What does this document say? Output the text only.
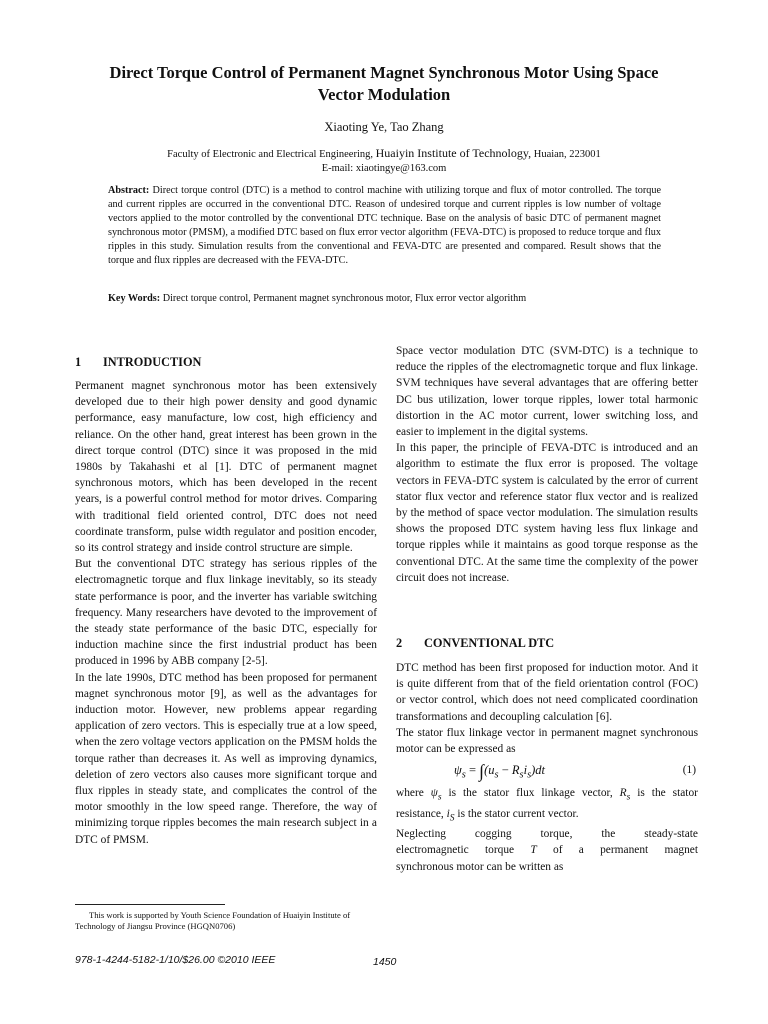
Direct Torque Control of Permanent Magnet Synchronous Motor Using Space
Vector Modulation
Xiaoting Ye, Tao Zhang
Faculty of Electronic and Electrical Engineering, Huaiyin Institute of Technology, Huaian, 223001
E-mail: xiaotingye@163.com
Abstract: Direct torque control (DTC) is a method to control machine with utilizing torque and flux of motor controlled. The torque and current ripples are occurred in the conventional DTC. Reason of undesired torque and current ripples is low number of voltage vectors applied to the motor controlled by the conventional DTC technique. Base on the analysis of basic DTC of permanent magnet synchronous motor (PMSM), a modified DTC based on flux error vector algorithm (FEVA-DTC) is proposed to reduce torque and flux ripples in this study. Simulation results from the conventional and FEVA-DTC are presented and compared. Result shows that the torque and flux ripples are decreased with the FEVA-DTC.
Key Words: Direct torque control, Permanent magnet synchronous motor, Flux error vector algorithm
1 INTRODUCTION

Permanent magnet synchronous motor has been extensively developed due to their high power density and good dynamic performance, easy manufacture, low cost, high efficiency and reliance. On the other hand, great interest has been grown in the direct torque control (DTC) since it was proposed in the mid 1980s by Takahashi et al [1]. DTC of permanent magnet synchronous motors, which has been developed in the recent years, is a powerful control method for motor drives. Comparing with traditional field oriented control, DTC does not need coordinate transform, pulse width regulator and position encoder, so its control strategy and inside control structure are simple.

But the conventional DTC strategy has serious ripples of the electromagnetic torque and flux linkage inevitably, so its steady state performance is poor, and the inverter has variable switching frequency. Many researchers have devoted to the improvement of the steady state performance of the basic DTC, especially for induction machine since the first industrial product has been produced in 1996 by ABB company [2-5].

In the late 1990s, DTC method has been proposed for permanent magnet synchronous motor [9], as well as the advantages for induction motor. However, new problems appear regarding application of zero vectors. This is especially true at a low speed, when the zero voltage vectors application on the PMSM holds the torque rather than decreases it. As well as improving dynamics, deletion of zero vectors also causes more significant torque and flux ripples in steady state, and complicates the control of the motor smoothly in the low speed range. Therefore, the way of minimizing torque ripples becomes the main research subject in a DTC of PMSM.

Space vector modulation DTC (SVM-DTC) is a technique to reduce the ripples of the electromagnetic torque and flux linkage. SVM techniques have several advantages that are offering better DC bus utilization, lower torque ripples, lower total harmonic distortion in the AC motor current, lower switching loss, and easier to implement in the digital systems.

In this paper, the principle of FEVA-DTC is introduced and an algorithm to estimate the flux error is proposed. The voltage vectors in FEVA-DTC system is calculated by the error of current stator flux vector and reference stator flux vector and is realized by the method of space vector modulation. The simulation results shows the proposed DTC system having less flux linkage and torque ripples while it maintains as good torque response as the conventional DTC. At the same time the complexity of the power circuit does not increase.

2 CONVENTIONAL DTC

DTC method has been first proposed for induction motor. And it is quite different from that of the field orientation control (FOC) or vector control, which does not need complicated coordination transformations and decoupling calculation [6].

The stator flux linkage vector in permanent magnet synchronous motor can be expressed as

$\psi_s = \int(u_s - R_si_s)dt$	(1)

where $\psi_s$ is the stator flux linkage vector, $R_s$ is the stator resistance, $i_S$ is the stator current vector.

Neglecting cogging torque, the steady-state

electromagnetic torque T of a permanent magnet

synchronous motor can be written as

This work is supported by Youth Science Foundation of Huaiyin Institute of Technology of Jiangsu Province (HGQN0706)
978-1-4244-5182-1/10/$26.00 ©2010 IEEE	1450
